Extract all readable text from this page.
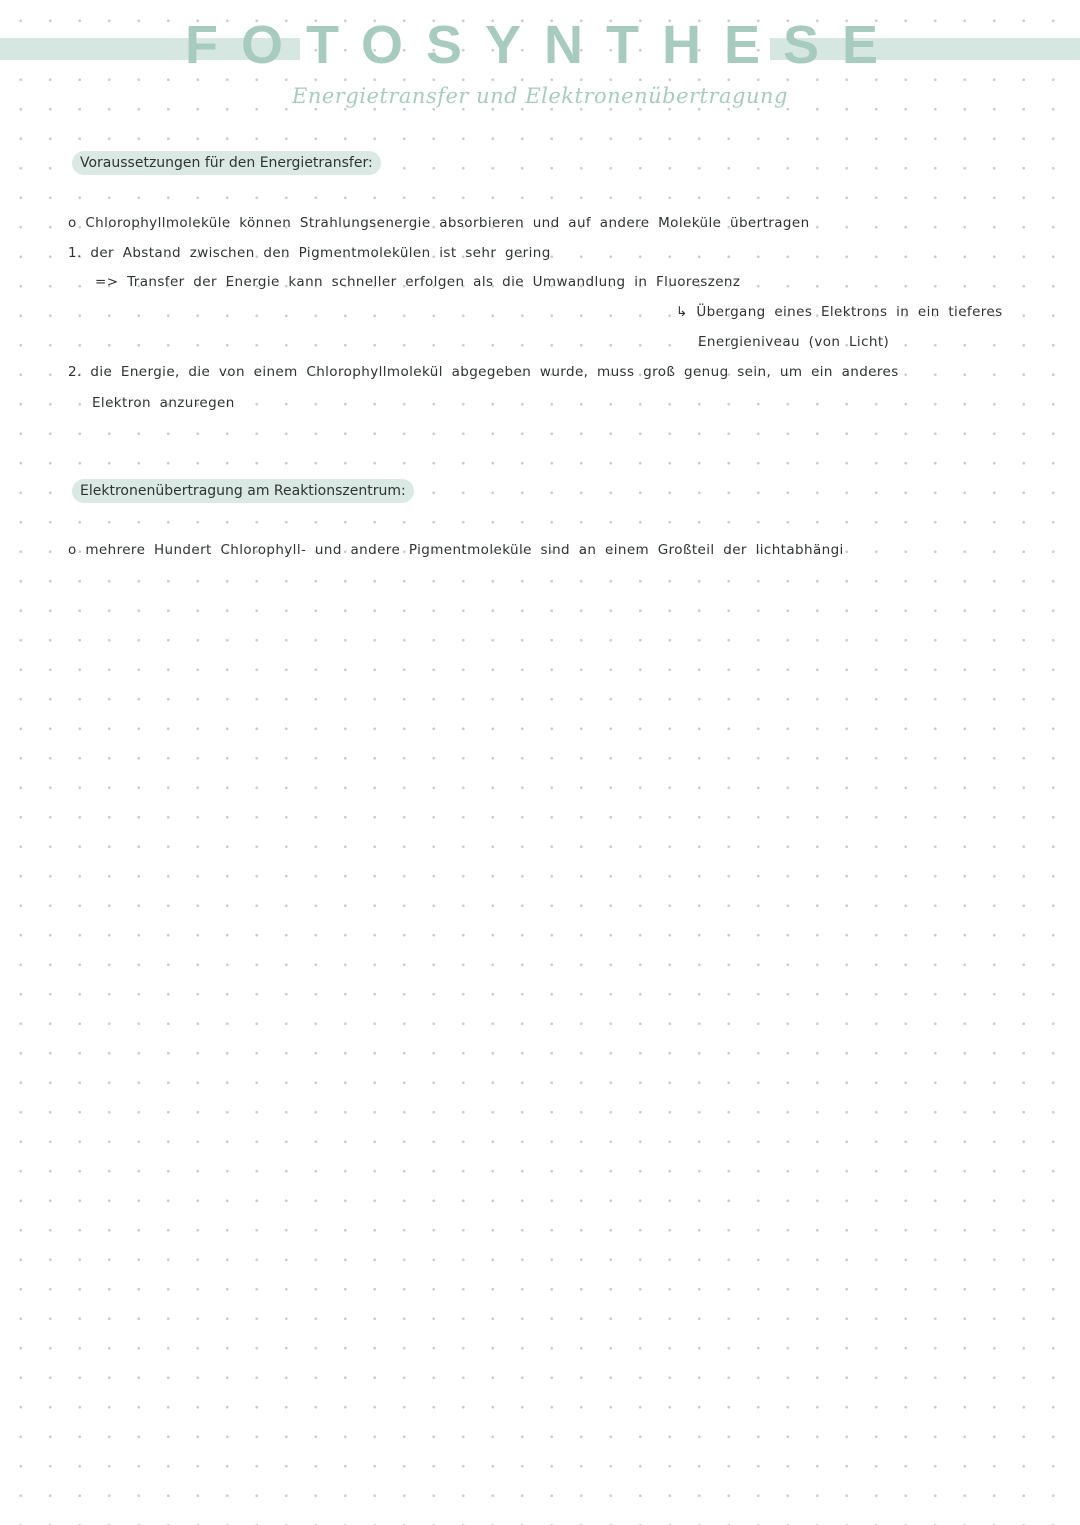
FOTOSYNTHESE
Energietransfer und Elektronenübertragung
Voraussetzungen für den Energietransfer:
o Chlorophyllmoleküle können Strahlungsenergie absorbieren und auf andere Moleküle übertragen
1. der Abstand zwischen den Pigmentmolekülen ist sehr gering
=> Transfer der Energie kann schneller erfolgen als die Umwandlung in Fluoreszenz
↳ Übergang eines Elektrons in ein tieferes
Energieniveau (von Licht)
2. die Energie, die von einem Chlorophyllmolekül abgegeben wurde, muss groß genug sein, um ein anderes
Elektron anzuregen
Elektronenübertragung am Reaktionszentrum:
o mehrere Hundert Chlorophyll- und andere Pigmentmoleküle sind an einem Großteil der lichtabhängi
